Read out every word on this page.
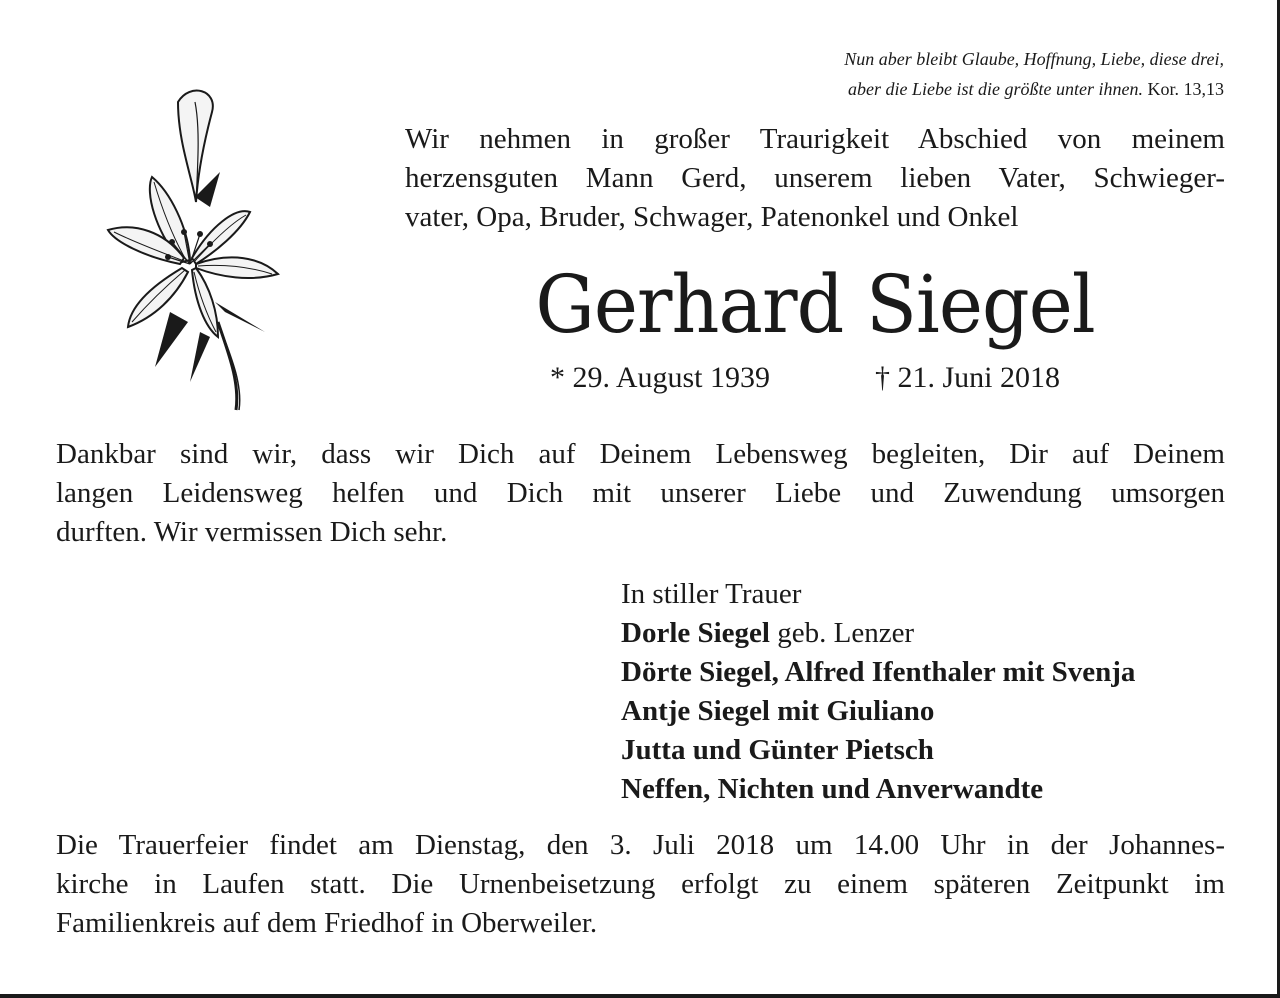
Nun aber bleibt Glaube, Hoffnung, Liebe, diese drei,
aber die Liebe ist die größte unter ihnen. Kor. 13,13
Wir nehmen in großer Traurigkeit Abschied von meinem
herzensguten Mann Gerd, unserem lieben Vater, Schwieger-
vater, Opa, Bruder, Schwager, Patenonkel und Onkel
Gerhard Siegel
* 29. August 1939	† 21. Juni 2018
Dankbar sind wir, dass wir Dich auf Deinem Lebensweg begleiten, Dir auf Deinem
langen Leidensweg helfen und Dich mit unserer Liebe und Zuwendung umsorgen
durften. Wir vermissen Dich sehr.
In stiller Trauer
Dorle Siegel geb. Lenzer
Dörte Siegel, Alfred Ifenthaler mit Svenja
Antje Siegel mit Giuliano
Jutta und Günter Pietsch
Neffen, Nichten und Anverwandte
Die Trauerfeier findet am Dienstag, den 3. Juli 2018 um 14.00 Uhr in der Johannes-
kirche in Laufen statt. Die Urnenbeisetzung erfolgt zu einem späteren Zeitpunkt im
Familienkreis auf dem Friedhof in Oberweiler.
